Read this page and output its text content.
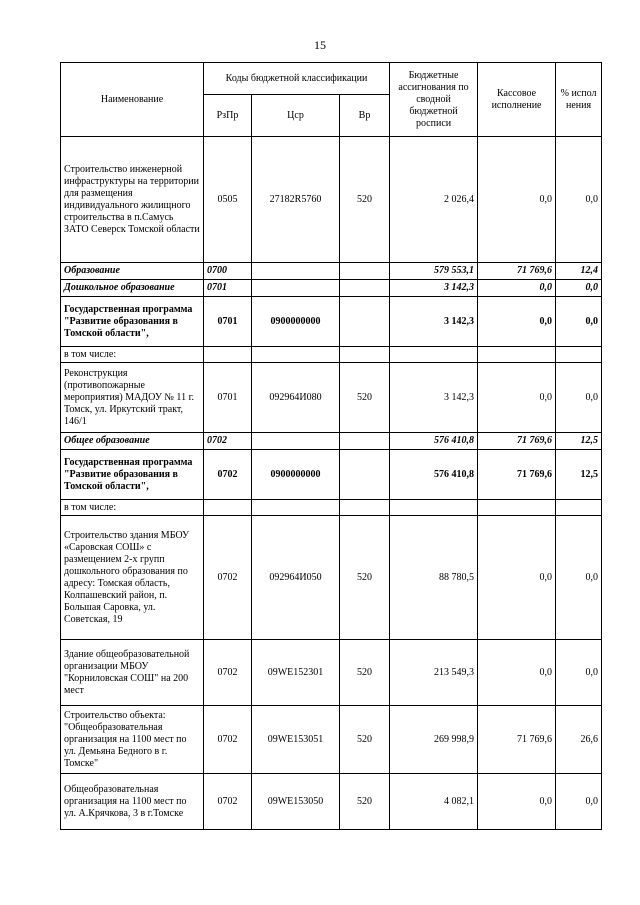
15
Наименование	Коды бюджетной классификации			Бюджетные ассигнования по сводной бюджетной росписи	Кассовое исполнение	% испол нения
	РзПр	Цср	Вр			
Строительство инженерной инфраструктуры на территории для размещения индивидуального жилищного строительства в п.Самусь ЗАТО Северск Томской области	0505	27182R5760	520	2 026,4	0,0	0,0
Образование	0700			579 553,1	71 769,6	12,4
Дошкольное образование	0701			3 142,3	0,0	0,0
Государственная программа "Развитие образования в Томской области",	0701	0900000000		3 142,3	0,0	0,0
в том числе:						
Реконструкция (противопожарные мероприятия) МАДОУ № 11 г. Томск, ул. Иркутский тракт, 146/1	0701	092964И080	520	3 142,3	0,0	0,0
Общее образование	0702			576 410,8	71 769,6	12,5
Государственная программа "Развитие образования в Томской области",	0702	0900000000		576 410,8	71 769,6	12,5
в том числе:						
Строительство здания МБОУ «Саровская СОШ» с размещением 2-х групп дошкольного образования по адресу: Томская область, Колпашевский район, п. Большая Саровка, ул. Советская, 19	0702	092964И050	520	88 780,5	0,0	0,0
Здание общеобразовательной организации МБОУ "Корниловская СОШ" на 200 мест	0702	09WE152301	520	213 549,3	0,0	0,0
Строительство объекта: "Общеобразовательная организация на 1100 мест по ул. Демьяна Бедного в г. Томске"	0702	09WE153051	520	269 998,9	71 769,6	26,6
Общеобразовательная организация на 1100 мест по ул. А.Крячкова, 3 в г.Томске	0702	09WE153050	520	4 082,1	0,0	0,0
